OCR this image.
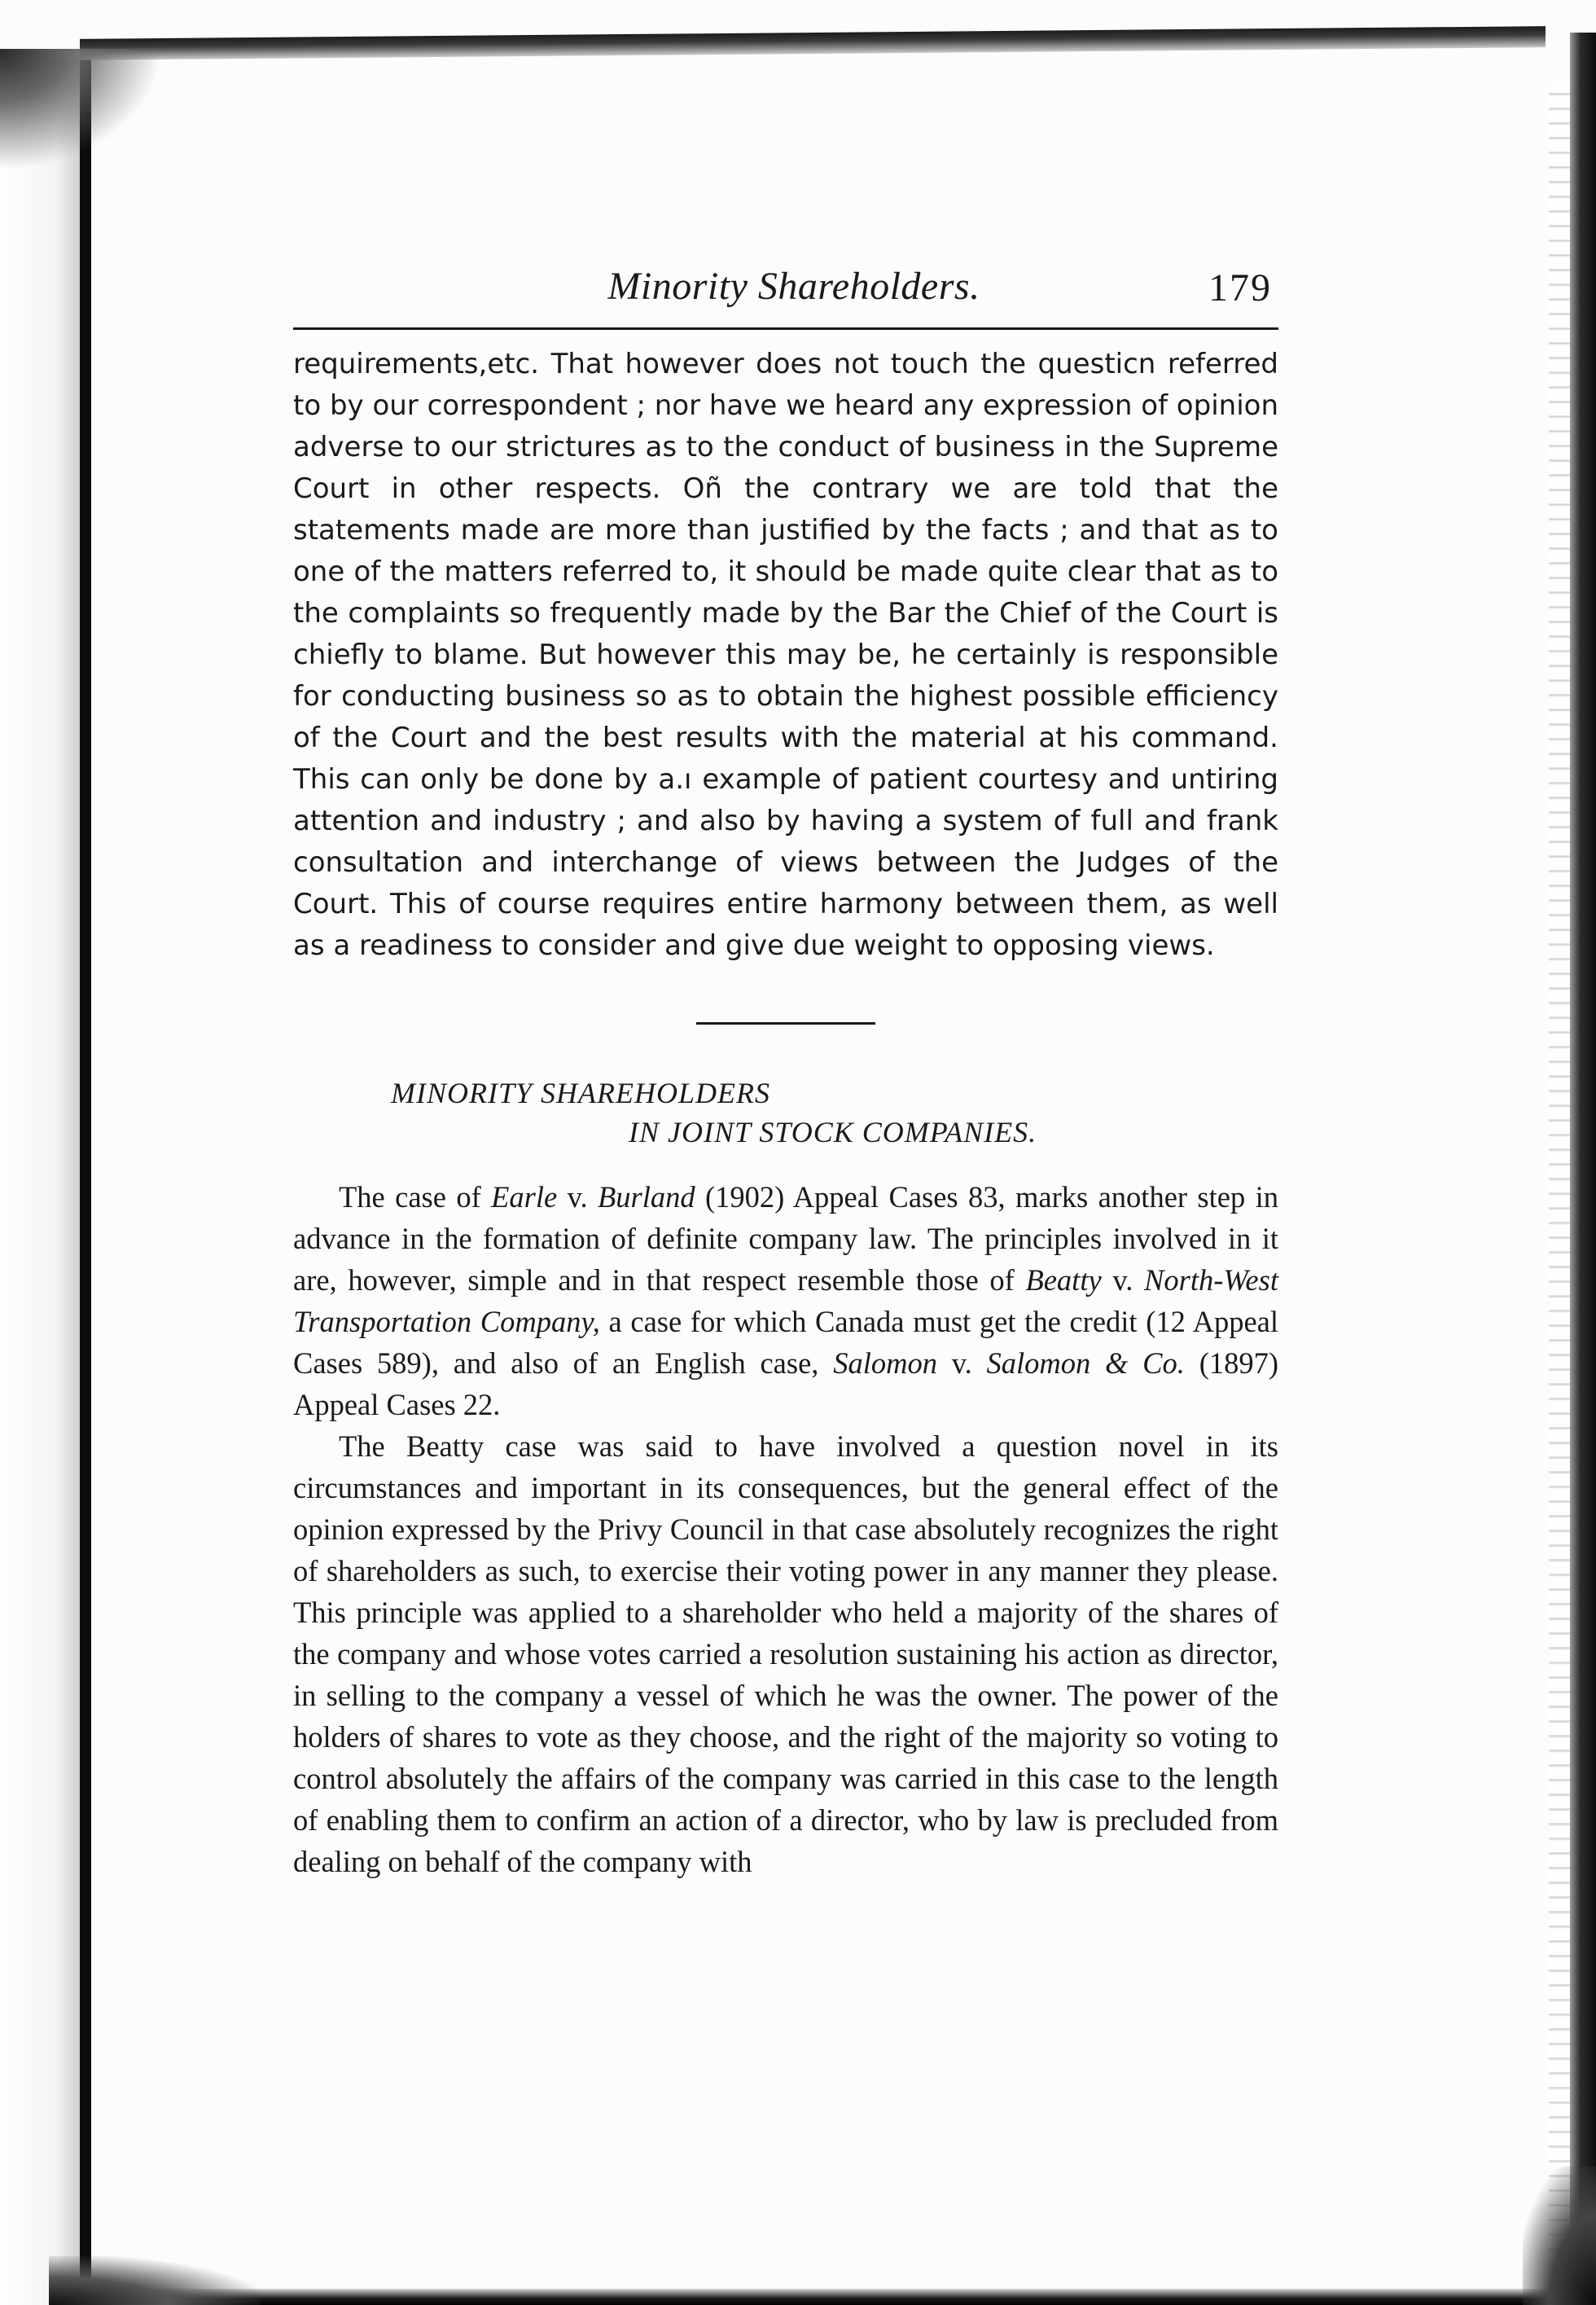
Minority Shareholders.	179

requirements,etc. That however does not touch the questicn referred to by our correspondent ; nor have we heard any expression of opinion adverse to our strictures as to the conduct of business in the Supreme Court in other respects. Oñ the contrary we are told that the statements made are more than justified by the facts ; and that as to one of the matters referred to, it should be made quite clear that as to the complaints so frequently made by the Bar the Chief of the Court is chiefly to blame. But however this may be, he certainly is responsible for conducting business so as to obtain the highest possible efficiency of the Court and the best results with the material at his command. This can only be done by a.ı example of patient courtesy and untiring attention and industry ; and also by having a system of full and frank consultation and interchange of views between the Judges of the Court. This of course requires entire harmony between them, as well as a readiness to consider and give due weight to opposing views.

MINORITY SHAREHOLDERS
IN JOINT STOCK COMPANIES.

The case of Earle v. Burland (1902) Appeal Cases 83, marks another step in advance in the formation of definite company law. The principles involved in it are, however, simple and in that respect resemble those of Beatty v. North-West Transportation Company, a case for which Canada must get the credit (12 Appeal Cases 589), and also of an English case, Salomon v. Salomon & Co. (1897) Appeal Cases 22.

The Beatty case was said to have involved a question novel in its circumstances and important in its consequences, but the general effect of the opinion expressed by the Privy Council in that case absolutely recognizes the right of shareholders as such, to exercise their voting power in any manner they please. This principle was applied to a shareholder who held a majority of the shares of the company and whose votes carried a resolution sustaining his action as director, in selling to the company a vessel of which he was the owner. The power of the holders of shares to vote as they choose, and the right of the majority so voting to control absolutely the affairs of the company was carried in this case to the length of enabling them to confirm an action of a director, who by law is precluded from dealing on behalf of the company with
